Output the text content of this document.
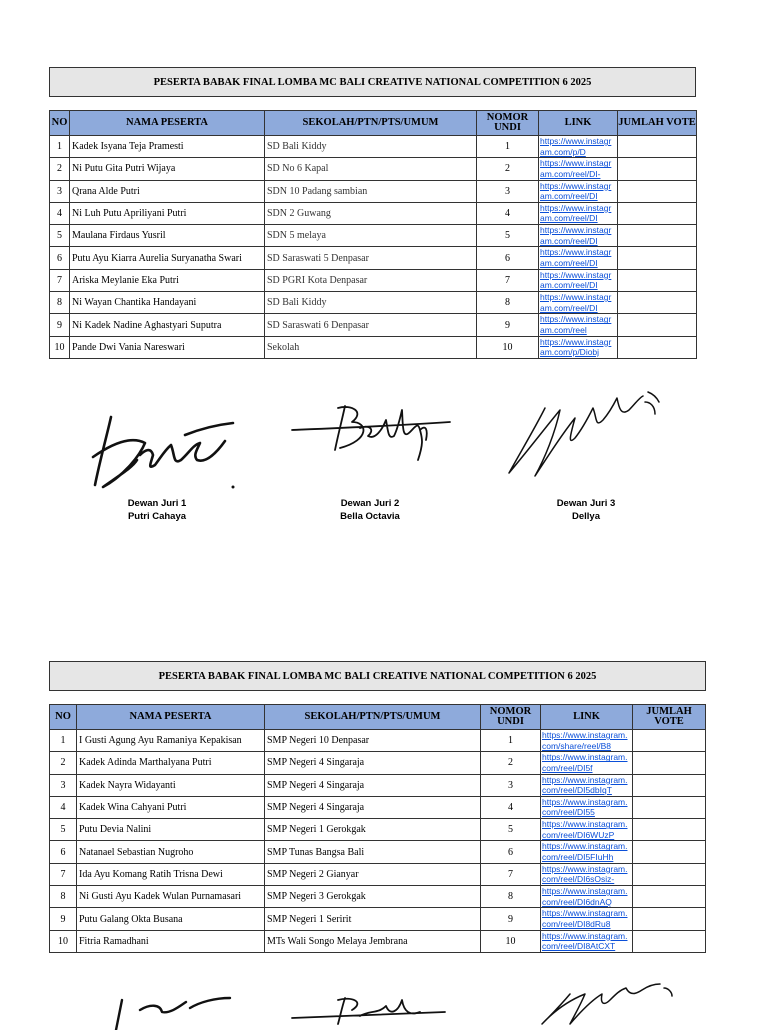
PESERTA BABAK FINAL LOMBA MC BALI CREATIVE NATIONAL COMPETITION 6 2025
NO	NAMA PESERTA	SEKOLAH/PTN/PTS/UMUM	NOMOR UNDI	LINK	JUMLAH VOTE
1	Kadek Isyana Teja Pramesti	SD Bali Kiddy	1	https://www.instagram.com/p/D	
2	Ni Putu Gita Putri Wijaya	SD No 6 Kapal	2	https://www.instagram.com/reel/DI-	
3	Qrana Alde Putri	SDN 10 Padang sambian	3	https://www.instagram.com/reel/DI	
4	Ni Luh Putu Apriliyani Putri	SDN 2 Guwang	4	https://www.instagram.com/reel/DI	
5	Maulana Firdaus Yusril	SDN 5 melaya	5	https://www.instagram.com/reel/DI	
6	Putu Ayu Kiarra Aurelia Suryanatha Swari	SD Saraswati 5 Denpasar	6	https://www.instagram.com/reel/DI	
7	Ariska Meylanie Eka Putri	SD PGRI Kota Denpasar	7	https://www.instagram.com/reel/DI	
8	Ni Wayan Chantika Handayani	SD Bali Kiddy	8	https://www.instagram.com/reel/DI	
9	Ni Kadek Nadine Aghastyari Suputra	SD Saraswati 6 Denpasar	9	https://www.instagram.com/reel	
10	Pande Dwi Vania Nareswari	Sekolah	10	https://www.instagram.com/p/Diobj	
Dewan Juri 1
Putri Cahaya
Dewan Juri 2
Bella Octavia
Dewan Juri 3
Dellya
PESERTA BABAK FINAL LOMBA MC BALI CREATIVE NATIONAL COMPETITION 6 2025
NO	NAMA PESERTA	SEKOLAH/PTN/PTS/UMUM	NOMOR UNDI	LINK	JUMLAH VOTE
1	I Gusti Agung Ayu Ramaniya Kepakisan	SMP Negeri 10 Denpasar	1	https://www.instagram.com/share/reel/B8	
2	Kadek Adinda Marthalyana Putri	SMP Negeri 4 Singaraja	2	https://www.instagram.com/reel/DI5f	
3	Kadek Nayra Widayanti	SMP Negeri 4 Singaraja	3	https://www.instagram.com/reel/DI5dbIqT	
4	Kadek Wina Cahyani Putri	SMP Negeri 4 Singaraja	4	https://www.instagram.com/reel/DI55	
5	Putu Devia Nalini	SMP Negeri 1 Gerokgak	5	https://www.instagram.com/reel/DI6WUzP	
6	Natanael Sebastian Nugroho	SMP Tunas Bangsa Bali	6	https://www.instagram.com/reel/DI5FIuHh	
7	Ida Ayu Komang Ratih Trisna Dewi	SMP Negeri 2 Gianyar	7	https://www.instagram.com/reel/DI6sOsiz-	
8	Ni Gusti Ayu Kadek Wulan Purnamasari	SMP Negeri 3 Gerokgak	8	https://www.instagram.com/reel/DI6dnAQ	
9	Putu Galang Okta Busana	SMP Negeri 1 Seririt	9	https://www.instagram.com/reel/DI8dRu8	
10	Fitria Ramadhani	MTs Wali Songo Melaya Jembrana	10	https://www.instagram.com/reel/DI8AtCXT	
